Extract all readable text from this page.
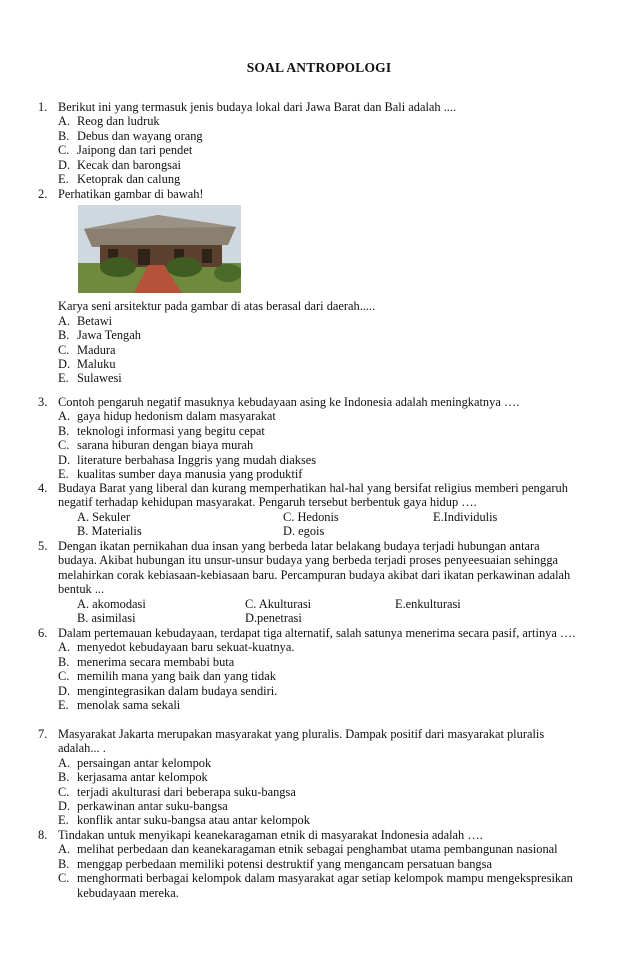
SOAL ANTROPOLOGI
1. Berikut ini yang termasuk jenis budaya lokal dari Jawa Barat dan Bali adalah ....
A. Reog dan ludruk
B. Debus dan wayang orang
C. Jaipong dan tari pendet
D. Kecak dan barongsai
E. Ketoprak dan calung
2. Perhatikan gambar di bawah!
Karya seni arsitektur pada gambar di atas berasal dari daerah.....
A. Betawi
B. Jawa Tengah
C. Madura
D. Maluku
E. Sulawesi
3. Contoh pengaruh negatif masuknya kebudayaan asing ke Indonesia adalah meningkatnya ….
A. gaya hidup hedonism dalam masyarakat
B. teknologi informasi yang begitu cepat
C. sarana hiburan dengan biaya murah
D. literature berbahasa Inggris yang mudah diakses
E. kualitas sumber daya manusia yang produktif
4. Budaya Barat yang liberal dan kurang memperhatikan hal-hal yang bersifat religius memberi pengaruh negatif terhadap kehidupan masyarakat. Pengaruh tersebut berbentuk gaya hidup ….
A. Sekuler	C. Hedonis	E.Individulis
B. Materialis	D. egois
5. Dengan ikatan pernikahan dua insan yang berbeda latar belakang budaya terjadi hubungan antara budaya. Akibat hubungan itu unsur-unsur budaya yang berbeda terjadi proses penyeesuaian sehingga melahirkan corak kebiasaan-kebiasaan baru. Percampuran budaya akibat dari ikatan perkawinan adalah bentuk ...
A. akomodasi	C. Akulturasi	E.enkulturasi
B. asimilasi	D.penetrasi
6. Dalam pertemauan kebudayaan, terdapat tiga alternatif, salah satunya menerima secara pasif, artinya ….
A. menyedot kebudayaan baru sekuat-kuatnya.
B. menerima secara membabi buta
C. memilih mana yang baik dan yang tidak
D. mengintegrasikan dalam budaya sendiri.
E. menolak sama sekali
7. Masyarakat Jakarta merupakan masyarakat yang pluralis. Dampak positif dari masyarakat pluralis adalah... .
A. persaingan antar kelompok
B. kerjasama antar kelompok
C. terjadi akulturasi dari beberapa suku-bangsa
D. perkawinan antar suku-bangsa
E. konflik antar suku-bangsa atau antar kelompok
8. Tindakan untuk menyikapi keanekaragaman etnik di masyarakat Indonesia adalah ….
A. melihat perbedaan dan keanekaragaman etnik sebagai penghambat utama pembangunan nasional
B. menggap perbedaan memiliki potensi destruktif yang mengancam persatuan bangsa
C. menghormati berbagai kelompok dalam masyarakat agar setiap kelompok mampu mengekspresikan kebudayaan mereka.
